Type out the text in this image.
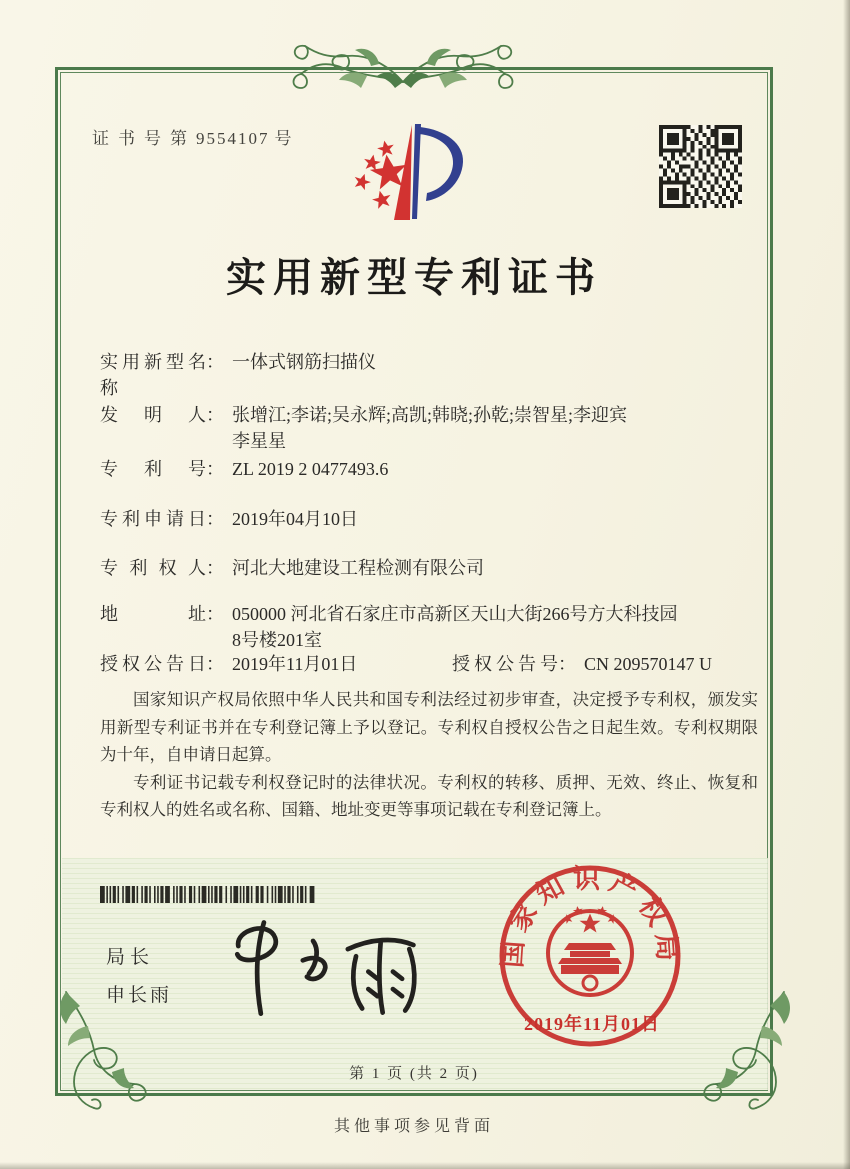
证书号第9554107 号
实用新型专利证书
实用新型名称： 一体式钢筋扫描仪
发明人： 张增江;李诺;吴永辉;高凯;韩晓;孙乾;崇智星;李迎宾
李星星
专利号： ZL 2019 2 0477493.6
专利申请日： 2019年04月10日
专利权人： 河北大地建设工程检测有限公司
地址： 050000 河北省石家庄市高新区天山大街266号方大科技园
8号楼201室
授权公告日： 2019年11月01日	授权公告号： CN 209570147 U

国家知识产权局依照中华人民共和国专利法经过初步审查，决定授予专利权，颁发实用新型专利证书并在专利登记簿上予以登记。专利权自授权公告之日起生效。专利权期限为十年，自申请日起算。

专利证书记载专利权登记时的法律状况。专利权的转移、质押、无效、终止、恢复和专利权人的姓名或名称、国籍、地址变更等事项记载在专利登记簿上。

局长
申长雨
国家知识产权局
2019年11月01日
第 1 页 (共 2 页)
其他事项参见背面
